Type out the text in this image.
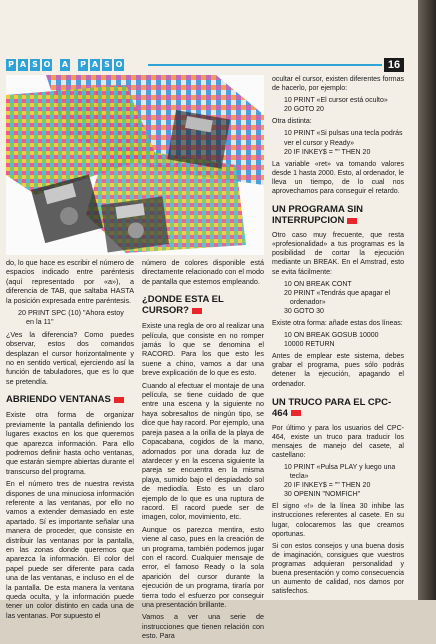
P A S O A P A S O	16

do, lo que hace es escribir el número de espacios indicado entre paréntesis (aquí representado por «a»), a diferencia de TAB, que saltaba HASTA la posición expresada entre paréntesis.

20 PRINT SPC (10) "Ahora estoy
en la 11"

¿Ves la diferencia? Como puedes observar, estos dos comandos desplazan el cursor horizontalmente y no en sentido vertical, ejerciendo así la función de tabuladores, que es lo que se pretendía.

ABRIENDO VENTANAS

Existe otra forma de organizar previamente la pantalla definiendo los lugares exactos en los que queremos que aparezca información. Para ello podremos definir hasta ocho ventanas, que estarán siempre abiertas durante el transcurso del programa.

En el número tres de nuestra revista dispones de una minuciosa información referente a las ventanas, por ello no vamos a extender demasiado en este apartado. Sí es importante señalar una manera de proceder, que consiste en distribuir las ventanas por la pantalla, en las zonas donde queremos que aparezca la información. El color del papel puede ser diferente para cada una de las ventanas, e incluso en el de la pantalla. De esta manera la ventana queda oculta, y la información puede tener un color distinto en cada una de las ventanas. Por supuesto el

número de colores disponible está directamente relacionado con el modo de pantalla que estemos empleando.

¿DONDE ESTA EL CURSOR?

Existe una regla de oro al realizar una película, que consiste en no romper jamás lo que se denomina el RACORD. Para los que esto les suene a chino, vamos a dar una breve explicación de lo que es esto.

Cuando al efectuar el montaje de una película, se tiene cuidado de que entre una escena y la siguiente no haya sobresaltos de ningún tipo, se dice que hay racord. Por ejemplo, una pareja pasea a la orilla de la playa de Copacabana, cogidos de la mano, adornados por una dorada luz de atardecer y en la escena siguiente la pareja se encuentra en la misma playa, sumido bajo el despiadado sol de mediodía. Esto es un claro ejemplo de lo que es una ruptura de racord. El racord puede ser de imagen, color, movimiento, etc.

Aunque os parezca mentira, esto viene al caso, pues en la creación de un programa, también podemos jugar con el racord. Cualquier mensaje de error, el famoso Ready o la sola aparición del cursor durante la ejecución de un programa, tiraría por tierra todo el esfuerzo por conseguir una presentación brillante.

Vamos a ver una serie de instrucciones que tienen relación con esto. Para

ocultar el cursor, existen diferentes formas de hacerlo, por ejemplo:

10 PRINT «El cursor está oculto»
20 GOTO 20

Otra distinta:

10 PRINT «Si pulsas una tecla podrás ver el cursor y Ready»
20 IF INKEY$ = "" THEN 20

La variable «ret» va tomando valores desde 1 hasta 2000. Esto, al ordenador, le lleva un tiempo, de lo cual nos aprovechamos para conseguir el retardo.

UN PROGRAMA SIN INTERRUPCION

Otro caso muy frecuente, que resta «profesionalidad» a tus programas es la posibilidad de cortar la ejecución mediante un BREAK. En el Amstrad, esto se evita fácilmente:

10 ON BREAK CONT
20 PRINT «Tendrás que apagar el
ordenador»
30 GOTO 30

Existe otra forma: añade estas dos líneas:

10 ON BREAK GOSUB 10000
10000 RETURN

Antes de emplear este sistema, debes grabar el programa, pues sólo podrás detener la ejecución, apagando el ordenador.

UN TRUCO PARA EL CPC-464

Por último y para los usuarios del CPC-464, existe un truco para traducir los mensajes de manejo del casete, al castellano:

10 PRINT «Pulsa PLAY y luego una
tecla»
20 IF INKEY$ = "" THEN 20
30 OPENIN "NOMFICH"

El signo «!» de la línea 30 inhibe las instrucciones referentes al casete. En su lugar, colocaremos las que creamos oportunas.

Si con estos consejos y una buena dosis de imaginación, consigues que vuestros programas adquieran personalidad y buena presentación y como consecuencia un aumento de calidad, nos damos por satisfechos.
